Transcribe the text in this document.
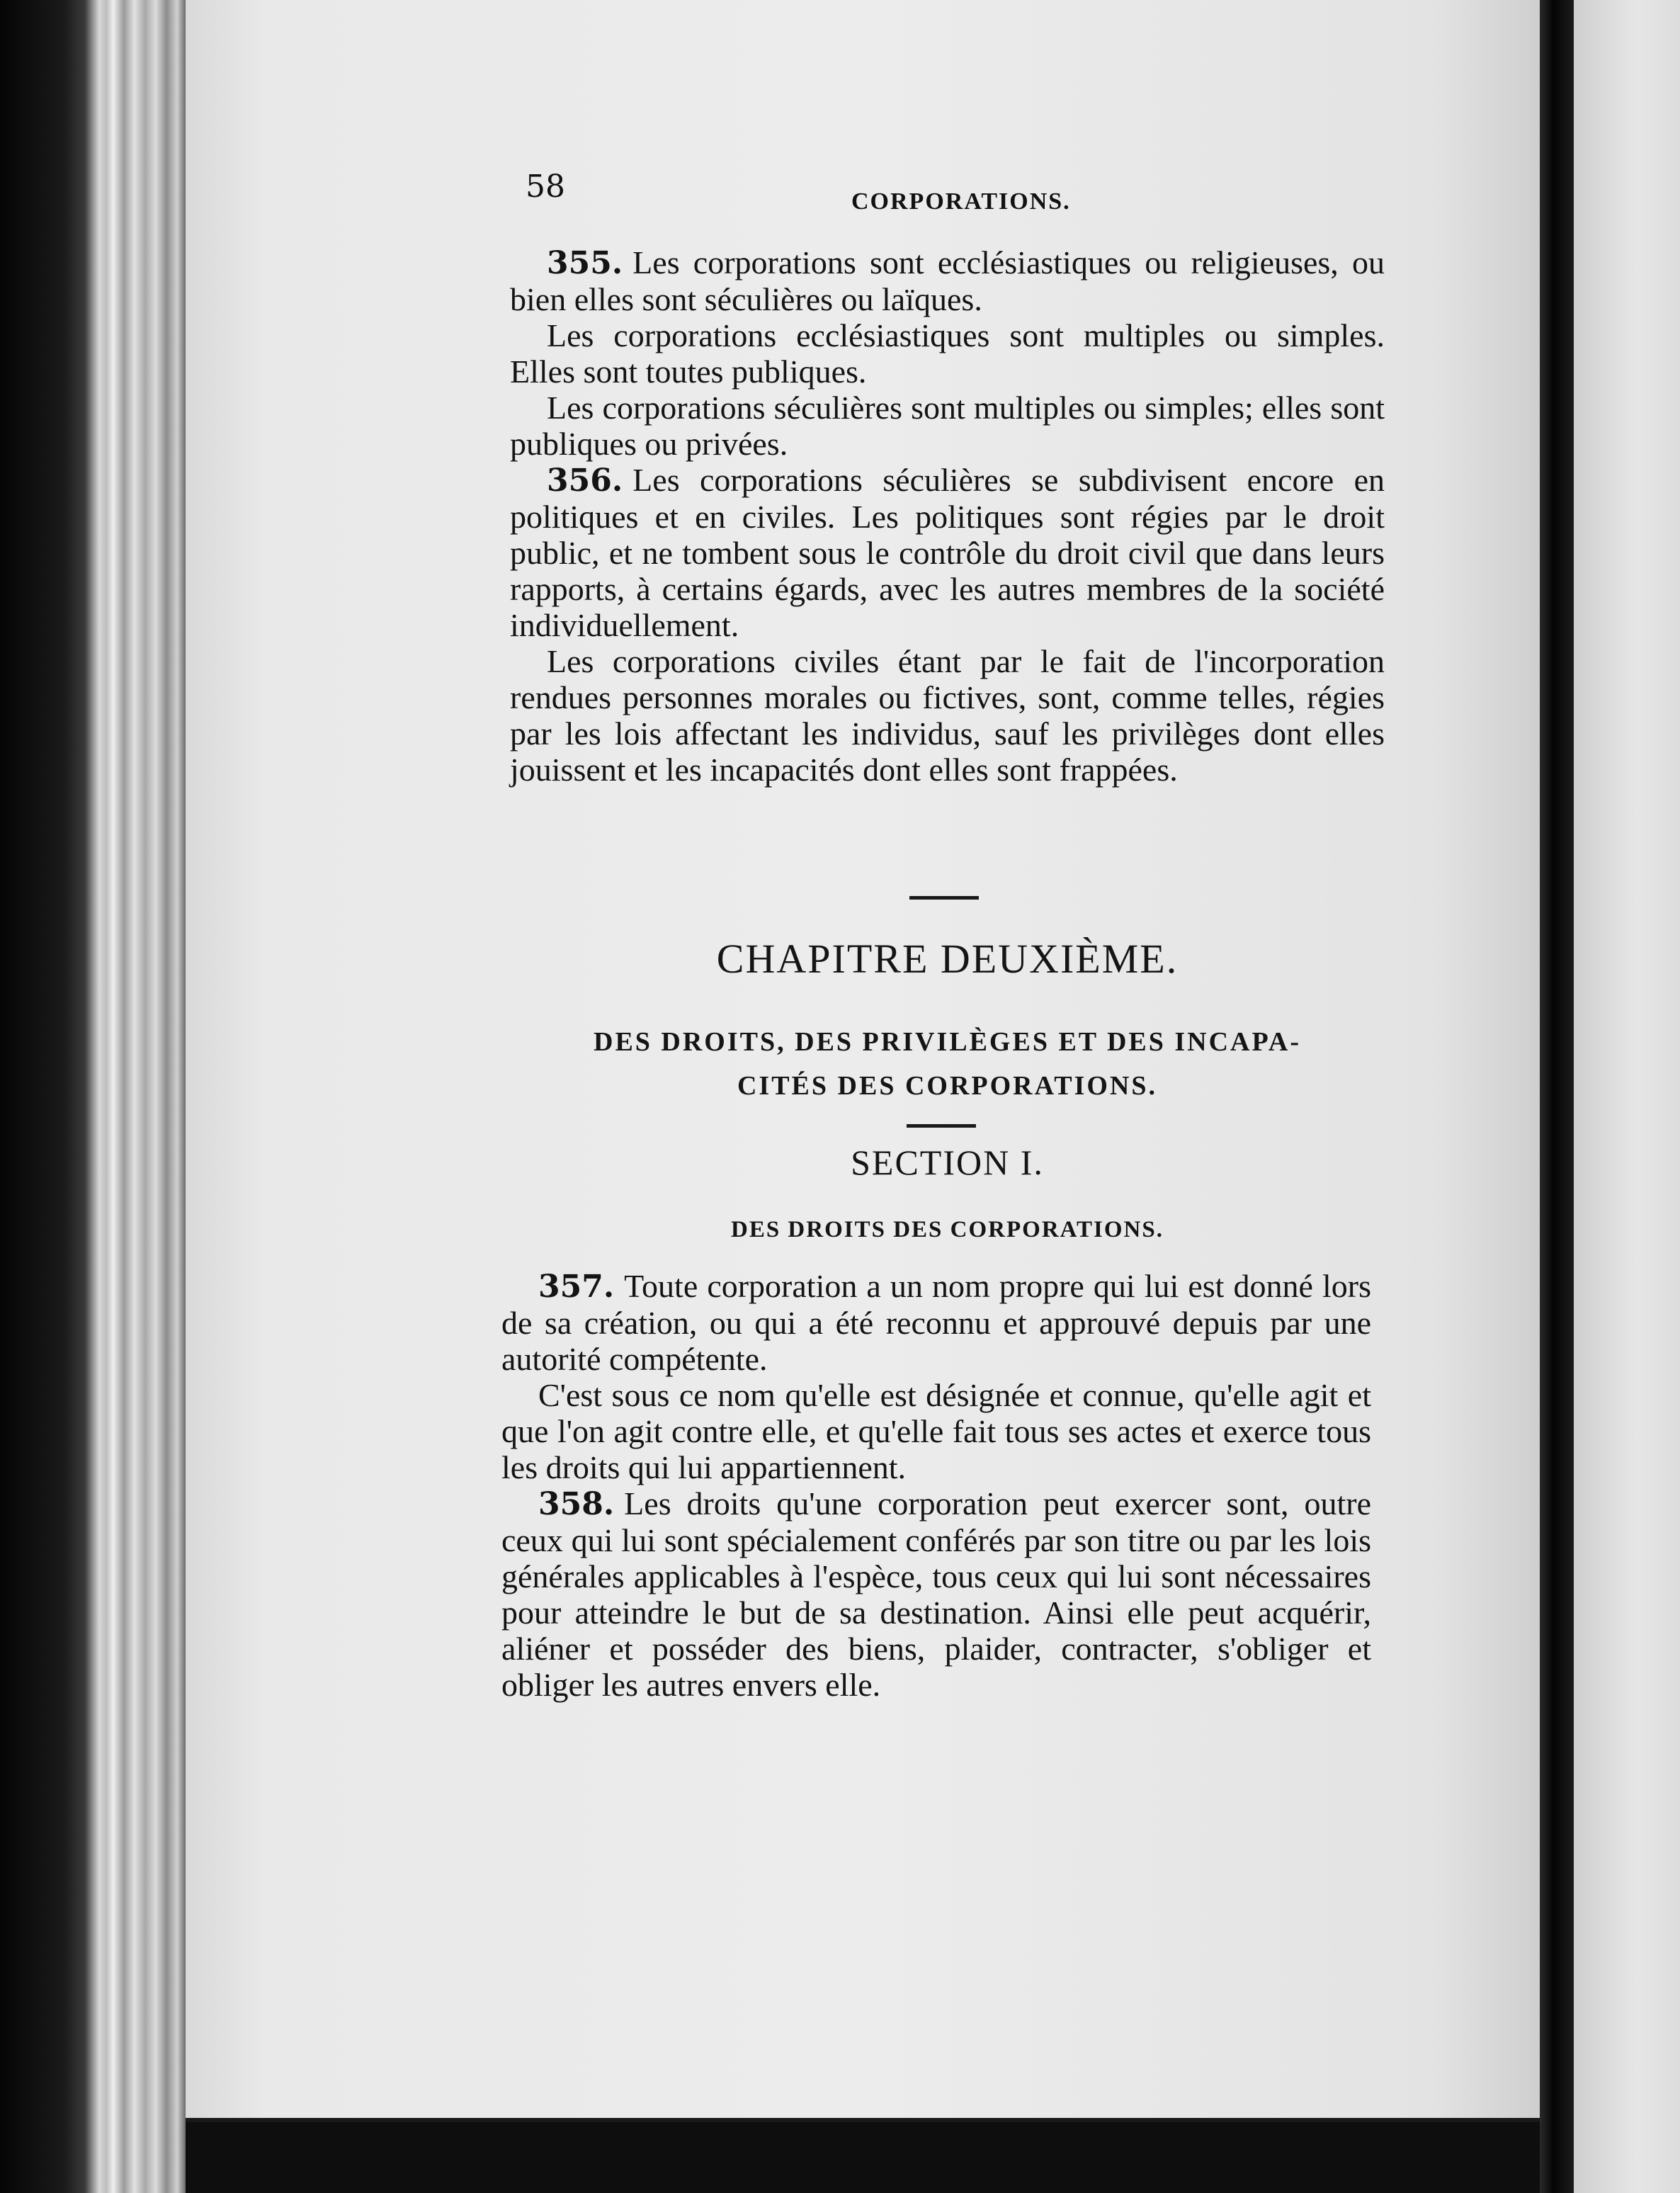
58	CORPORATIONS.

355. Les corporations sont ecclésiastiques ou religieuses, ou bien elles sont séculières ou laïques.

Les corporations ecclésiastiques sont multiples ou simples. Elles sont toutes publiques.

Les corporations séculières sont multiples ou simples; elles sont publiques ou privées.

356. Les corporations séculières se subdivisent encore en politiques et en civiles. Les politiques sont régies par le droit public, et ne tombent sous le contrôle du droit civil que dans leurs rapports, à certains égards, avec les autres membres de la société individuellement.

Les corporations civiles étant par le fait de l'incorporation rendues personnes morales ou fictives, sont, comme telles, régies par les lois affectant les individus, sauf les privilèges dont elles jouissent et les incapacités dont elles sont frappées.

CHAPITRE DEUXIÈME.
DES DROITS, DES PRIVILÈGES ET DES INCAPA-
CITÉS DES CORPORATIONS.
SECTION I.
DES DROITS DES CORPORATIONS.

357. Toute corporation a un nom propre qui lui est donné lors de sa création, ou qui a été reconnu et approuvé depuis par une autorité compétente.

C'est sous ce nom qu'elle est désignée et connue, qu'elle agit et que l'on agit contre elle, et qu'elle fait tous ses actes et exerce tous les droits qui lui appartiennent.

358. Les droits qu'une corporation peut exercer sont, outre ceux qui lui sont spécialement conférés par son titre ou par les lois générales applicables à l'espèce, tous ceux qui lui sont nécessaires pour atteindre le but de sa destination. Ainsi elle peut acquérir, aliéner et posséder des biens, plaider, contracter, s'obliger et obliger les autres envers elle.
